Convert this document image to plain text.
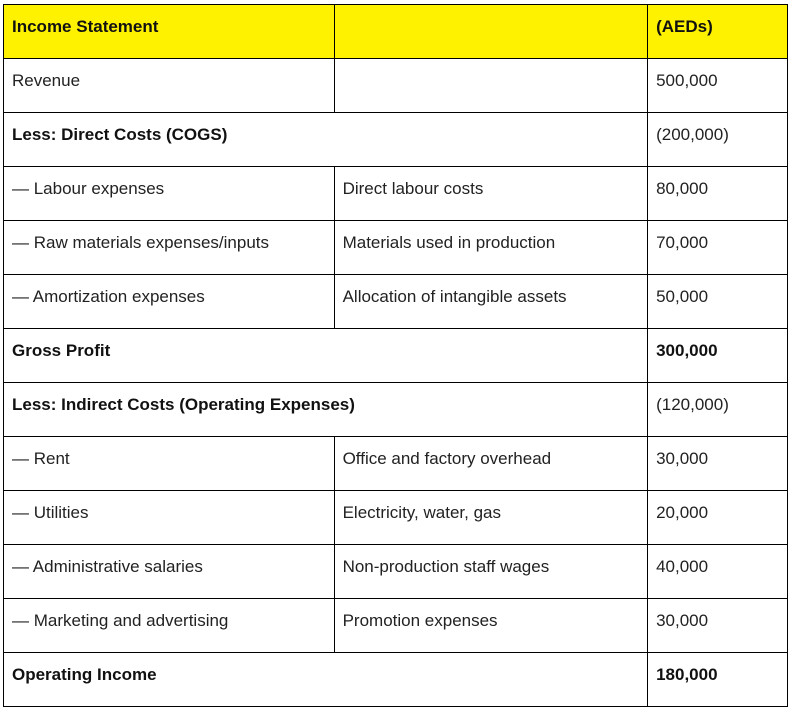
Income Statement		(AEDs)
Revenue		500,000
Less: Direct Costs (COGS)		(200,000)
— Labour expenses	Direct labour costs	80,000
— Raw materials expenses/inputs	Materials used in production	70,000
— Amortization expenses	Allocation of intangible assets	50,000
Gross Profit		300,000
Less: Indirect Costs (Operating Expenses)		(120,000)
— Rent	Office and factory overhead	30,000
— Utilities	Electricity, water, gas	20,000
— Administrative salaries	Non-production staff wages	40,000
— Marketing and advertising	Promotion expenses	30,000
Operating Income		180,000
